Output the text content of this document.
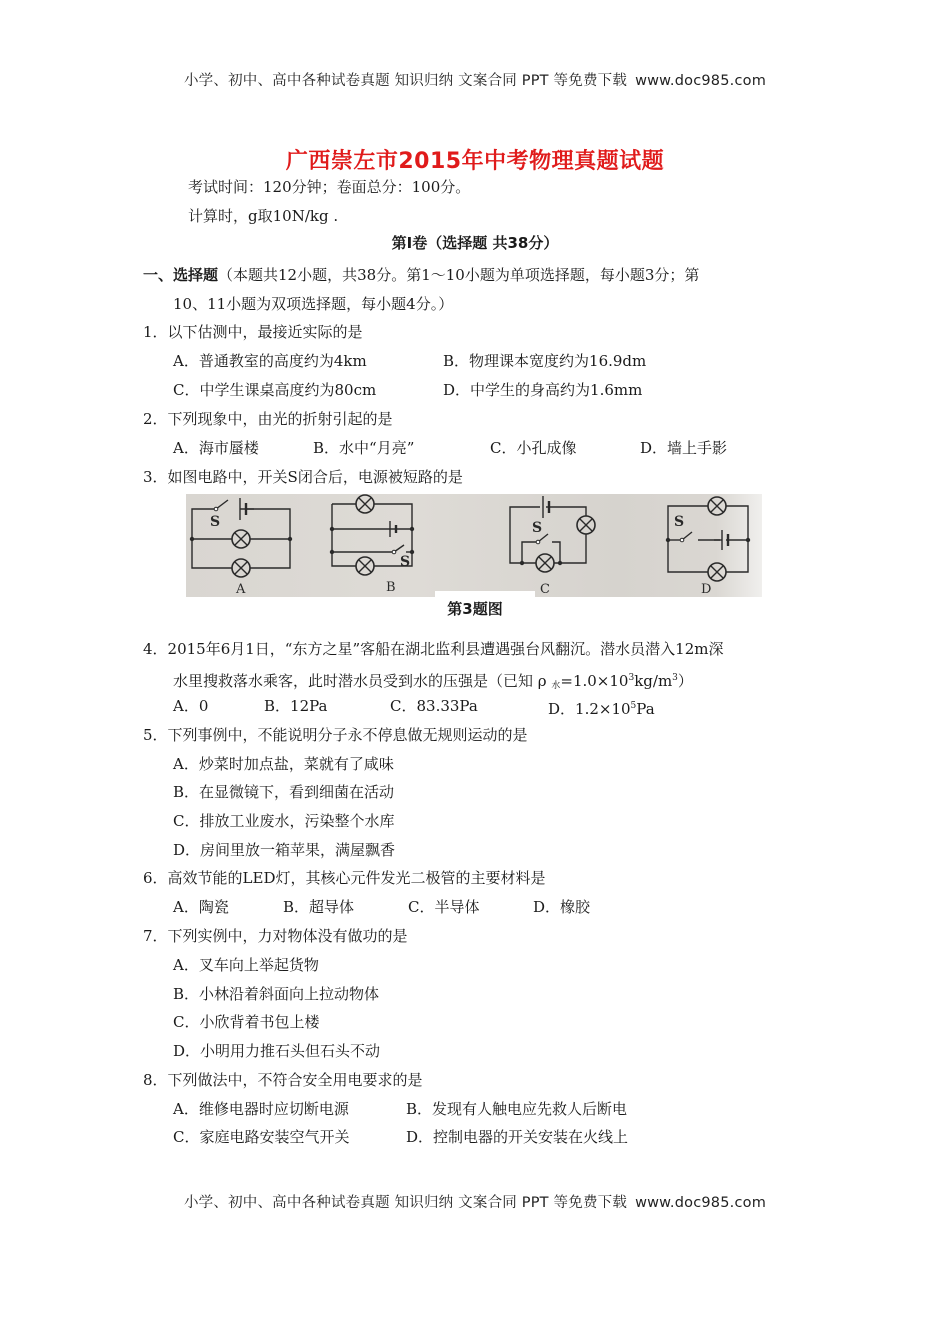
小学、初中、高中各种试卷真题 知识归纳 文案合同 PPT 等免费下载 www.doc985.com
广西崇左市2015年中考物理真题试题
考试时间：120分钟；卷面总分：100分。
计算时，g取10N/kg .
第Ⅰ卷（选择题 共38分）
一、选择题（本题共12小题，共38分。第1～10小题为单项选择题，每小题3分；第
10、11小题为双项选择题，每小题4分。）
1．以下估测中，最接近实际的是
A．普通教室的高度约为4km	B．物理课本宽度约为16.9dm
C．中学生课桌高度约为80cm	D．中学生的身高约为1.6mm
2．下列现象中，由光的折射引起的是
A．海市蜃楼	B．水中“月亮”	C．小孔成像	D．墙上手影
3．如图电路中，开关S闭合后，电源被短路的是
S
S
S	S
A	B	C	D
第3题图
4．2015年6月1日，“东方之星”客船在湖北监利县遭遇强台风翻沉。潜水员潜入12m深
水里搜救落水乘客，此时潜水员受到水的压强是（已知 ρ $_水=1.0\times 10^3kg/m^3$）
A．0	B．12Pa	C．83.33Pa	D．$1.2\times 10^5Pa$
5．下列事例中，不能说明分子永不停息做无规则运动的是
A．炒菜时加点盐，菜就有了咸味
B．在显微镜下，看到细菌在活动
C．排放工业废水，污染整个水库
D．房间里放一箱苹果，满屋飘香
6．高效节能的LED灯，其核心元件发光二极管的主要材料是
A．陶瓷	B．超导体	C．半导体	D．橡胶
7．下列实例中，力对物体没有做功的是
A．叉车向上举起货物
B．小林沿着斜面向上拉动物体
C．小欣背着书包上楼
D．小明用力推石头但石头不动
8．下列做法中，不符合安全用电要求的是
A．维修电器时应切断电源	B．发现有人触电应先救人后断电
C．家庭电路安装空气开关	D．控制电器的开关安装在火线上
小学、初中、高中各种试卷真题 知识归纳 文案合同 PPT 等免费下载 www.doc985.com
